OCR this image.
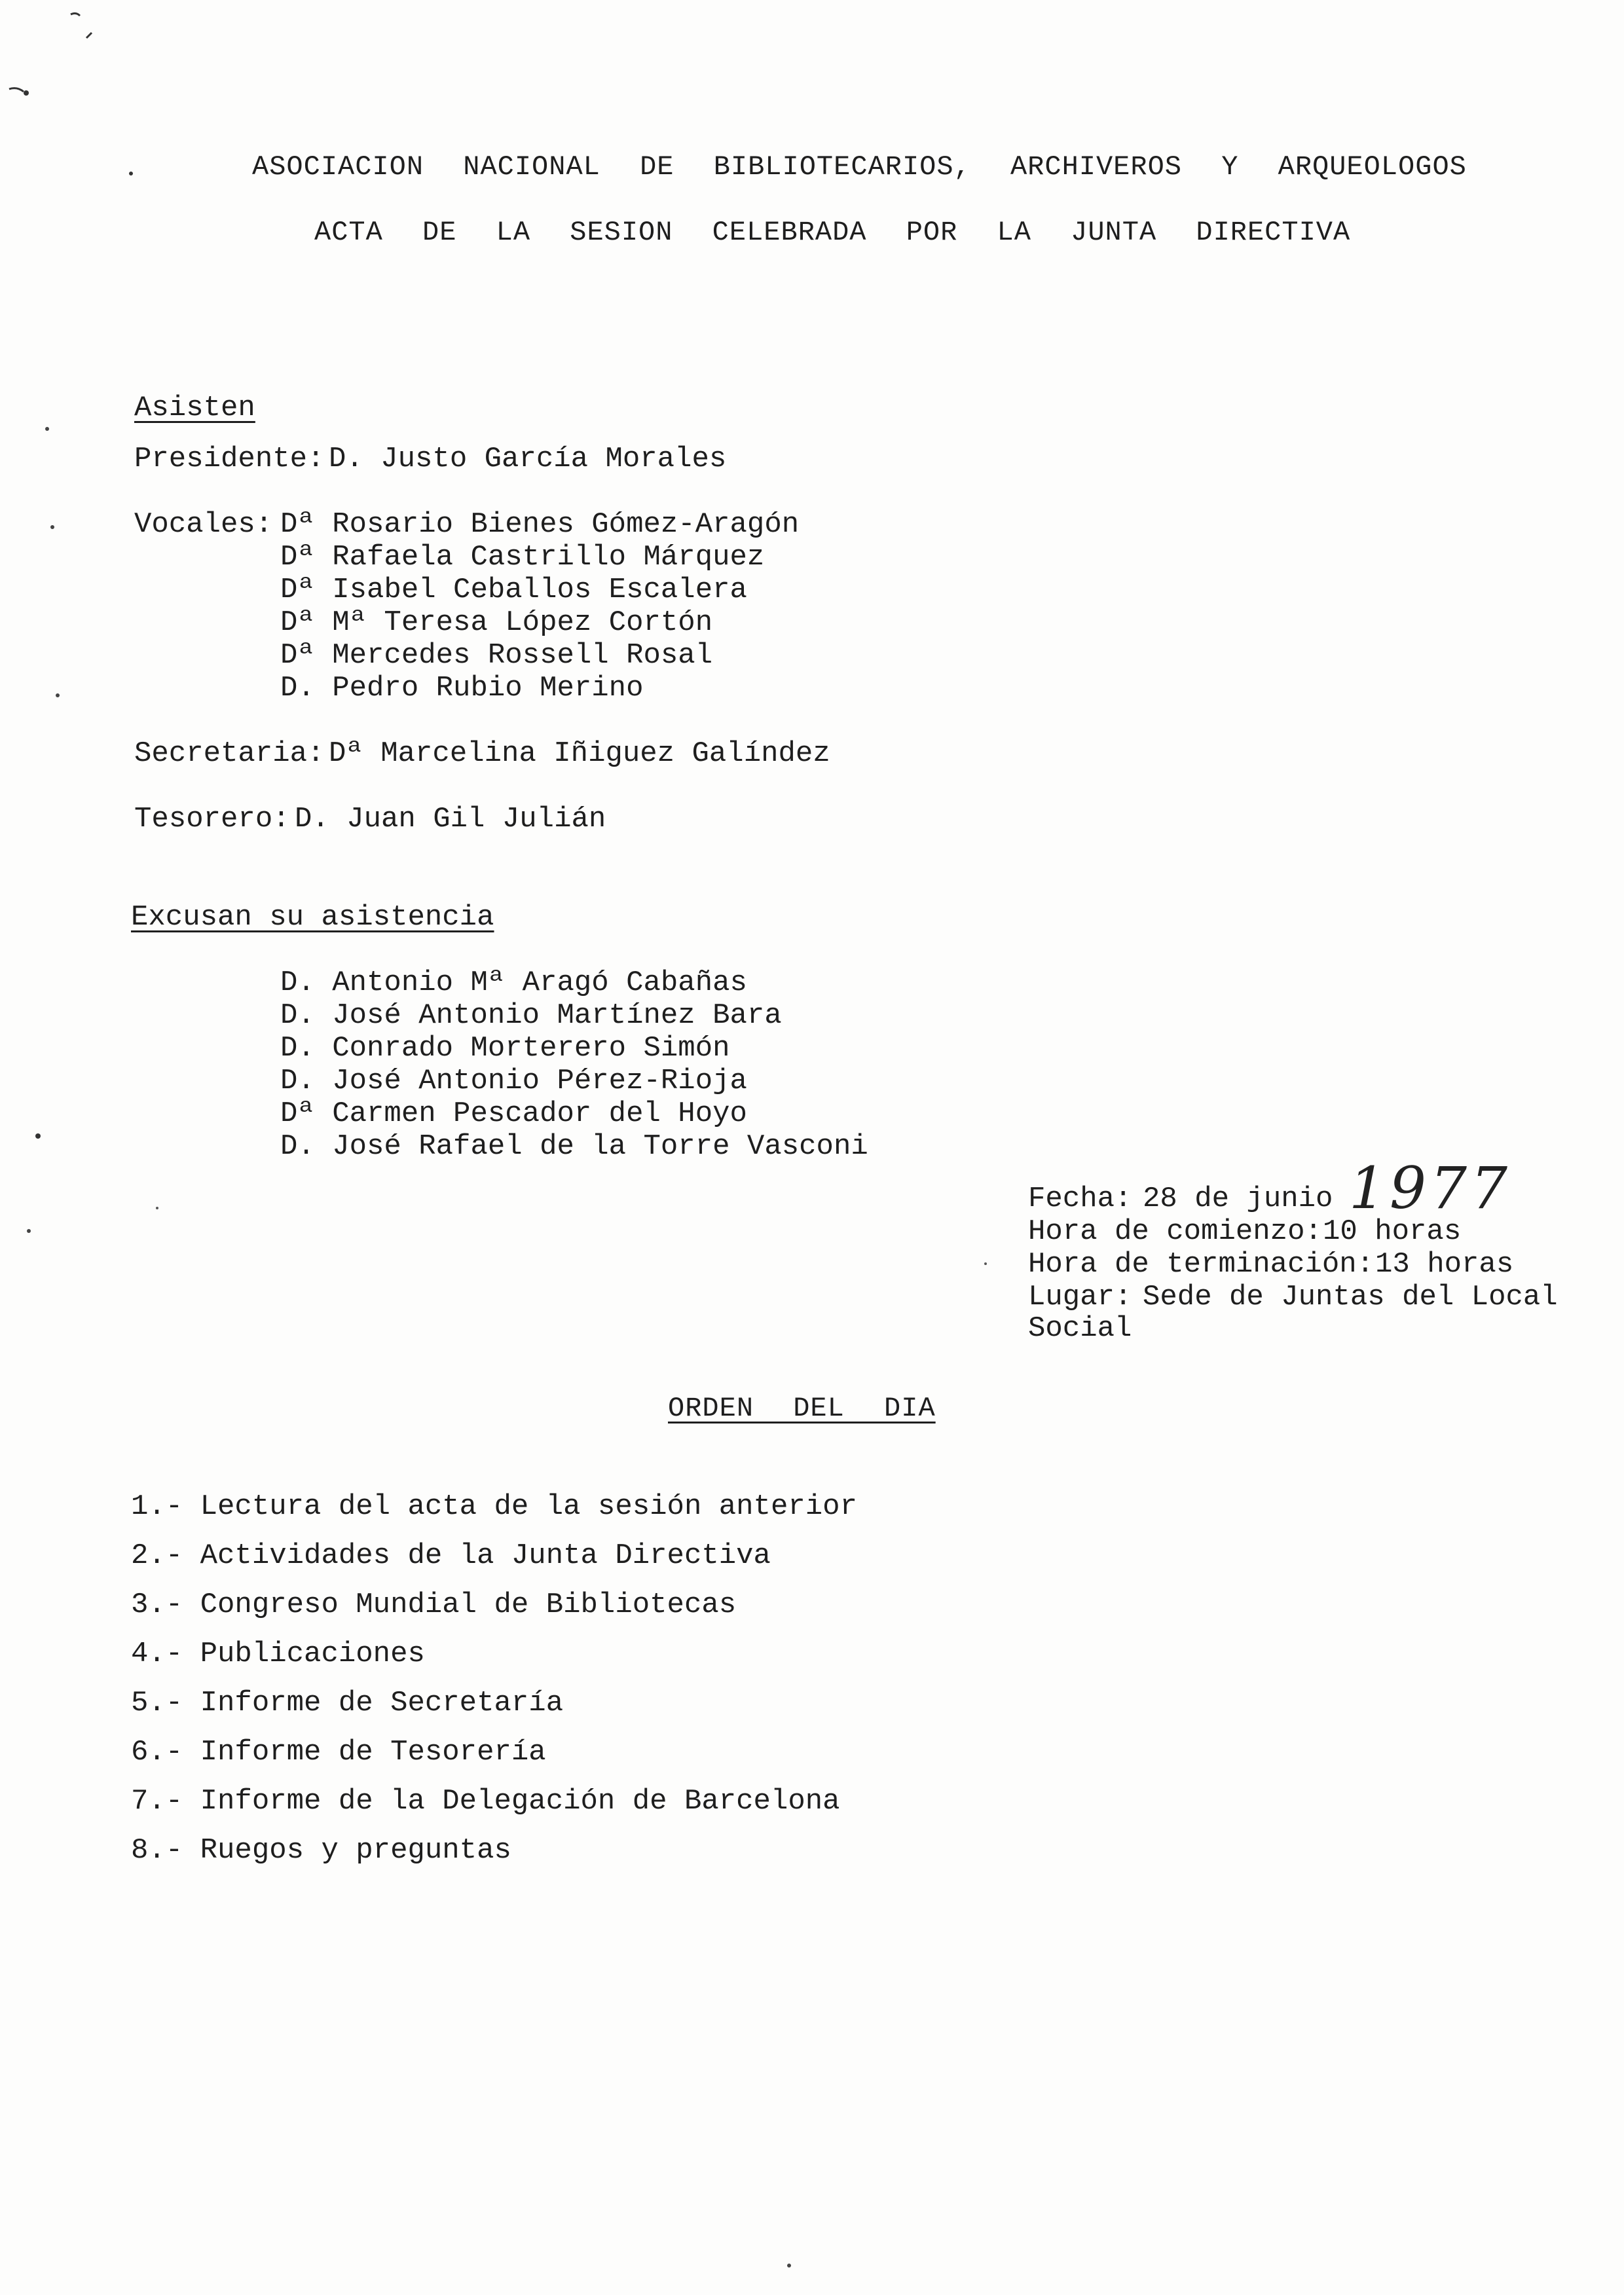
ASOCIACION NACIONAL DE BIBLIOTECARIOS, ARCHIVEROS Y ARQUEOLOGOS
ACTA DE LA SESION CELEBRADA POR LA JUNTA DIRECTIVA
Asisten
Presidente: D. Justo García Morales
Vocales: Dª Rosario Bienes Gómez-Aragón
Dª Rafaela Castrillo Márquez
Dª Isabel Ceballos Escalera
Dª Mª Teresa López Cortón
Dª Mercedes Rossell Rosal
D. Pedro Rubio Merino
Secretaria: Dª Marcelina Iñiguez Galíndez
Tesorero: D. Juan Gil Julián
Excusan su asistencia
D. Antonio Mª Aragó Cabañas
D. José Antonio Martínez Bara
D. Conrado Morterero Simón
D. José Antonio Pérez-Rioja
Dª Carmen Pescador del Hoyo
D. José Rafael de la Torre Vasconi
Fecha: 28 de junio 1977
Hora de comienzo: 10 horas
Hora de terminación: 13 horas
Lugar: Sede de Juntas del Local
Social
ORDEN DEL DIA
1.- Lectura del acta de la sesión anterior
2.- Actividades de la Junta Directiva
3.- Congreso Mundial de Bibliotecas
4.- Publicaciones
5.- Informe de Secretaría
6.- Informe de Tesorería
7.- Informe de la Delegación de Barcelona
8.- Ruegos y preguntas
